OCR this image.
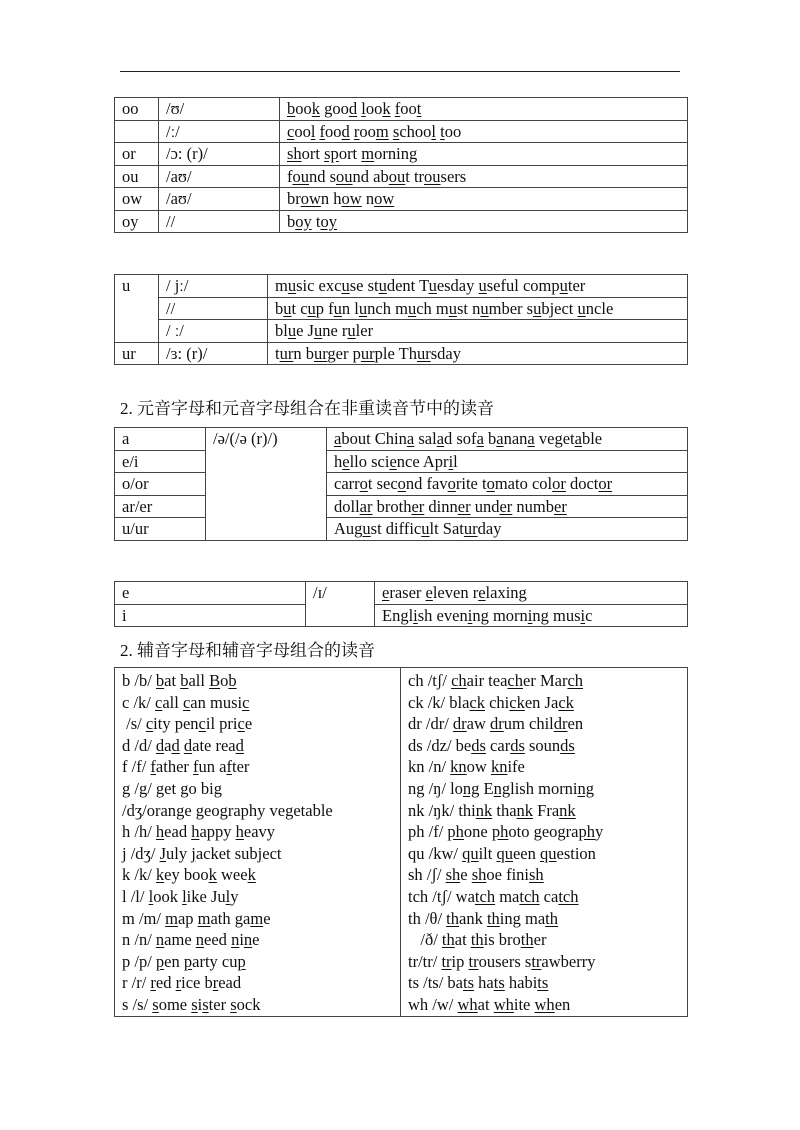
oo	/ʊ/	book good look foot
	/ː/	cool food room school too
or	/ɔ: (r)/	short sport morning
ou	/aʊ/	found sound about trousers
ow	/aʊ/	brown how now
oy	//	boy toy
u	/ jː/	music excuse student Tuesday useful computer
	//	but cup fun lunch much must number subject uncle
	/ ː/	blue June ruler
ur	/ɜ: (r)/	turn burger purple Thursday
2. 元音字母和元音字母组合在非重读音节中的读音
a	/ə/(/ə (r)/)	about China salad sofa banana vegetable
e/i		hello science April
o/or		carrot second favorite tomato color doctor
ar/er		dollar brother dinner under number
u/ur		August difficult Saturday
e	/ɪ/	eraser eleven relaxing
i		English evening morning music
2. 辅音字母和辅音字母组合的读音
b /b/ bat ball Bob
c /k/ call can music
/s/ city pencil price
d /d/ dad date read
f /f/ father fun after
g /g/ get go big
/dʒ/orange geography vegetable
h /h/ head happy heavy
j /dʒ/ July jacket subject
k /k/ key book week
l /l/ look like July
m /m/ map math game
n /n/ name need nine
p /p/ pen party cup
r /r/ red rice bread
s /s/ some sister sock

ch /tʃ/ chair teacher March
ck /k/ black chicken Jack
dr /dr/ draw drum children
ds /dz/ beds cards sounds
kn /n/ know knife
ng /ŋ/ long English morning
nk /ŋk/ think thank Frank
ph /f/ phone photo geography
qu /kw/ quilt queen question
sh /ʃ/ she shoe finish
tch /tʃ/ watch match catch
th /θ/ thank thing math
/ð/ that this brother
tr/tr/ trip trousers strawberry
ts /ts/ bats hats habits
wh /w/ what white when
